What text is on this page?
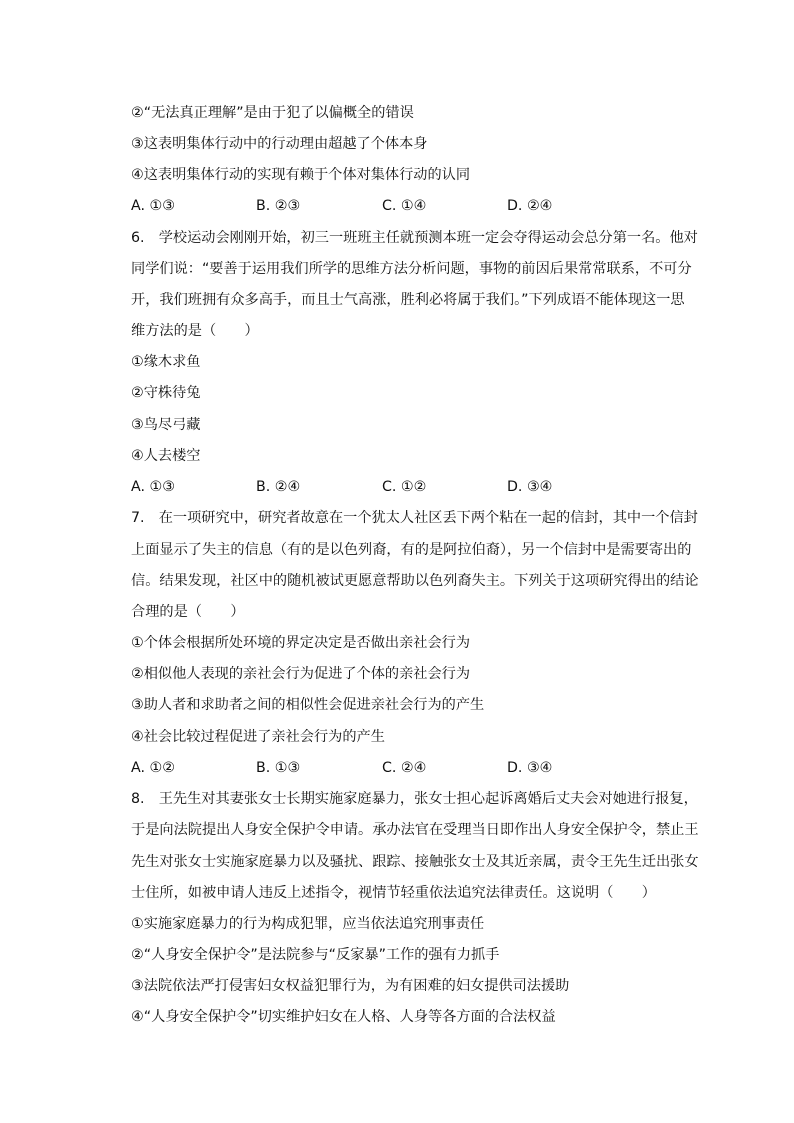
②“无法真正理解”是由于犯了以偏概全的错误
③这表明集体行动中的行动理由超越了个体本身
④这表明集体行动的实现有赖于个体对集体行动的认同
A. ①③	B. ②③	C. ①④	D. ②④
6.　学校运动会刚刚开始，初三一班班主任就预测本班一定会夺得运动会总分第一名。他对
同学们说：“要善于运用我们所学的思维方法分析问题，事物的前因后果常常联系，不可分
开，我们班拥有众多高手，而且士气高涨，胜利必将属于我们。”下列成语不能体现这一思
维方法的是（　　）
①缘木求鱼
②守株待兔
③鸟尽弓藏
④人去楼空
A. ①③	B. ②④	C. ①②	D. ③④
7.　在一项研究中，研究者故意在一个犹太人社区丢下两个粘在一起的信封，其中一个信封
上面显示了失主的信息（有的是以色列裔，有的是阿拉伯裔），另一个信封中是需要寄出的
信。结果发现，社区中的随机被试更愿意帮助以色列裔失主。下列关于这项研究得出的结论
合理的是（　　）
①个体会根据所处环境的界定决定是否做出亲社会行为
②相似他人表现的亲社会行为促进了个体的亲社会行为
③助人者和求助者之间的相似性会促进亲社会行为的产生
④社会比较过程促进了亲社会行为的产生
A. ①②	B. ①③	C. ②④	D. ③④
8.　王先生对其妻张女士长期实施家庭暴力，张女士担心起诉离婚后丈夫会对她进行报复，
于是向法院提出人身安全保护令申请。承办法官在受理当日即作出人身安全保护令，禁止王
先生对张女士实施家庭暴力以及骚扰、跟踪、接触张女士及其近亲属，责令王先生迁出张女
士住所，如被申请人违反上述指令，视情节轻重依法追究法律责任。这说明（　　）
①实施家庭暴力的行为构成犯罪，应当依法追究刑事责任
②“人身安全保护令”是法院参与“反家暴”工作的强有力抓手
③法院依法严打侵害妇女权益犯罪行为，为有困难的妇女提供司法援助
④“人身安全保护令”切实维护妇女在人格、人身等各方面的合法权益
